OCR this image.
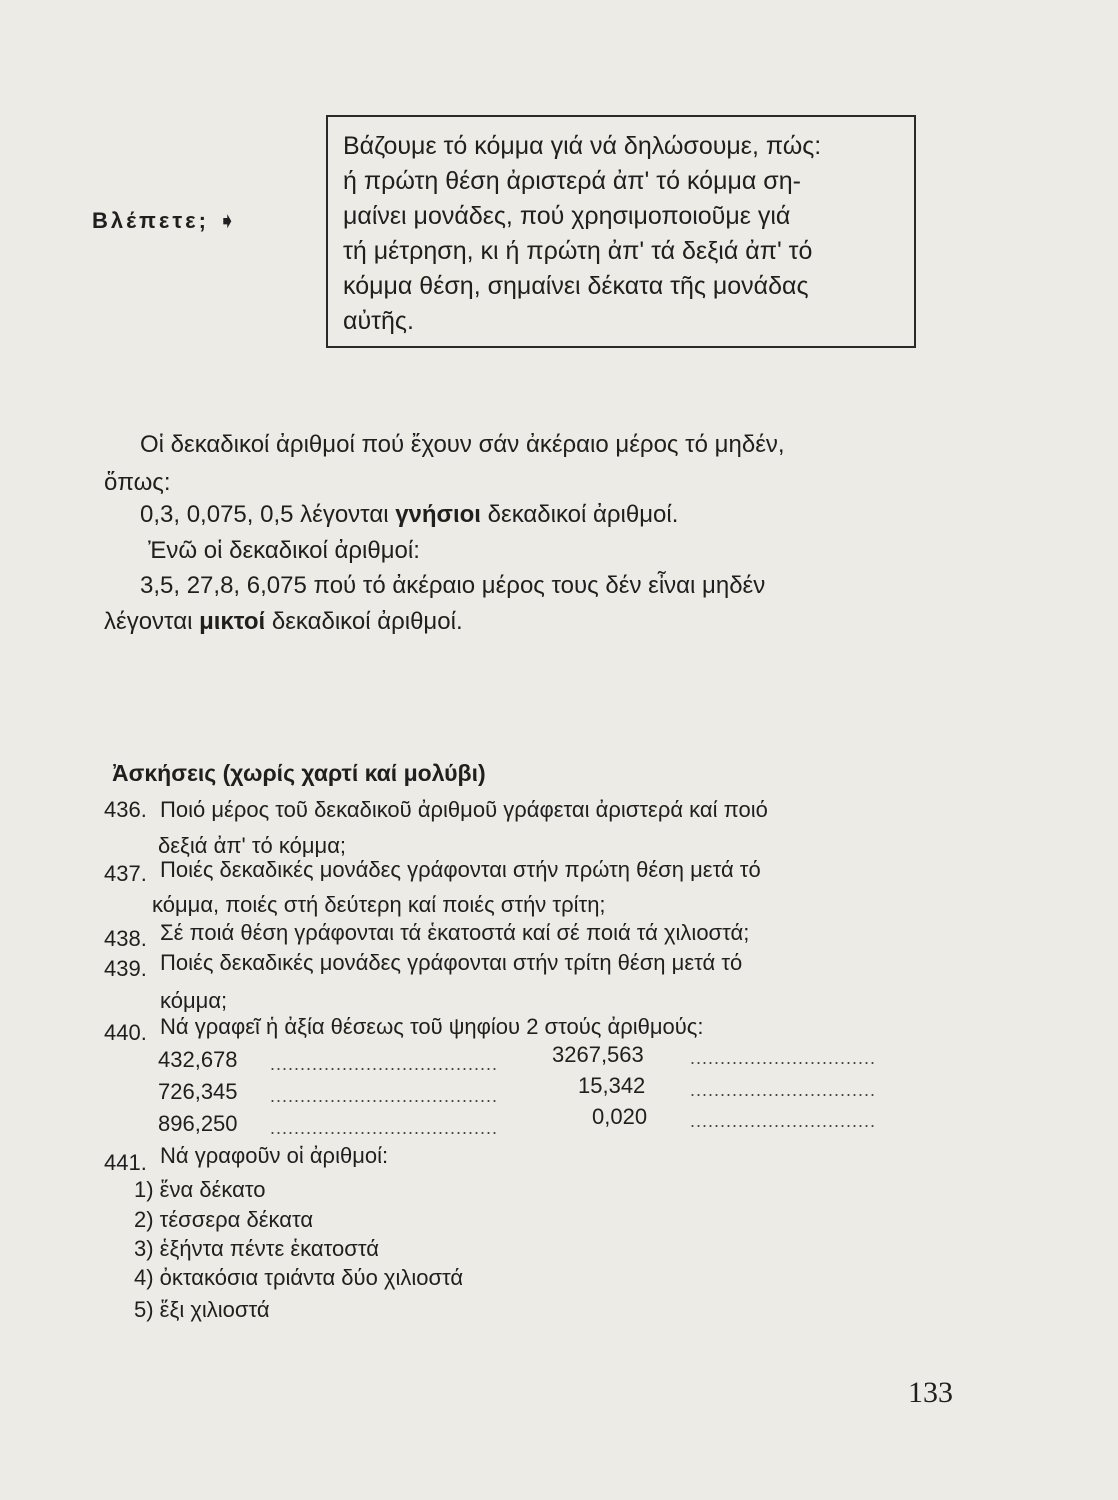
Βλέπετε; ➧
Βάζουμε τό κόμμα γιά νά δηλώσουμε, πώς:
ή πρώτη θέση ἀριστερά ἀπ' τό κόμμα ση-
μαίνει μονάδες, πού χρησιμοποιοῦμε γιά
τή μέτρηση, κι ή πρώτη ἀπ' τά δεξιά ἀπ' τό
κόμμα θέση, σημαίνει δέκατα τῆς μονάδας
αὐτῆς.
Οἱ δεκαδικοί ἀριθμοί πού ἔχουν σάν ἀκέραιο μέρος τό μηδέν,
ὅπως:
0,3, 0,075, 0,5 λέγονται γνήσιοι δεκαδικοί ἀριθμοί.
Ἐνῶ οἱ δεκαδικοί ἀριθμοί:
3,5, 27,8, 6,075 πού τό ἀκέραιο μέρος τους δέν εἶναι μηδέν
λέγονται μικτοί δεκαδικοί ἀριθμοί.
Ἀσκήσεις (χωρίς χαρτί καί μολύβι)
436. Ποιό μέρος τοῦ δεκαδικοῦ ἀριθμοῦ γράφεται ἀριστερά καί ποιό
δεξιά ἀπ' τό κόμμα;
437. Ποιές δεκαδικές μονάδες γράφονται στήν πρώτη θέση μετά τό
κόμμα, ποιές στή δεύτερη καί ποιές στήν τρίτη;
438. Σέ ποιά θέση γράφονται τά ἑκατοστά καί σέ ποιά τά χιλιοστά;
439. Ποιές δεκαδικές μονάδες γράφονται στήν τρίτη θέση μετά τό
κόμμα;
440. Νά γραφεῖ ἡ ἀξία θέσεως τοῦ ψηφίου 2 στούς ἀριθμούς:
432,678 ...................................... 3267,563	...............................
726,345 ......................................	15,342 ...............................
896,250 ......................................	0,020 ...............................
441. Νά γραφοῦν οἱ ἀριθμοί:
1) ἕνα δέκατο
2) τέσσερα δέκατα
3) ἑξήντα πέντε ἑκατοστά
4) ὀκτακόσια τριάντα δύο χιλιοστά
5) ἕξι χιλιοστά
133
